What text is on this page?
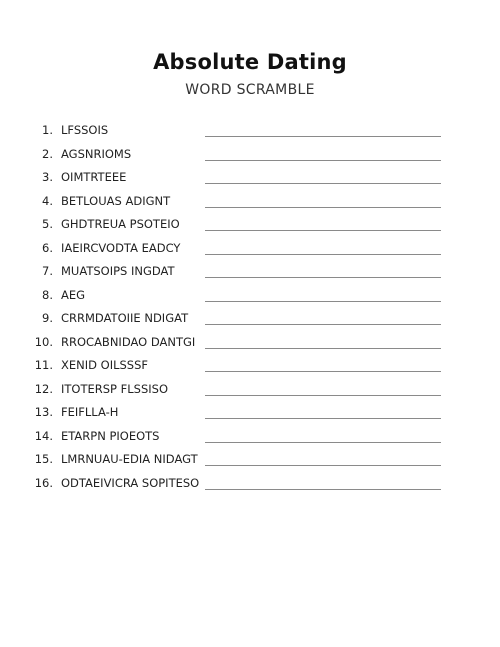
Absolute Dating
WORD SCRAMBLE
1. LFSSOIS
2. AGSNRIOMS
3. OIMTRTEEE
4. BETLOUAS ADIGNT
5. GHDTREUA PSOTEIO
6. IAEIRCVODTA EADCY
7. MUATSOIPS INGDAT
8. AEG
9. CRRMDATOIIE NDIGAT
10. RROCABNIDAO DANTGI
11. XENID OILSSSF
12. ITOTERSP FLSSISO
13. FEIFLLA-H
14. ETARPN PIOEOTS
15. LMRNUAU-EDIA NIDAGT
16. ODTAEIVICRA SOPITESO
